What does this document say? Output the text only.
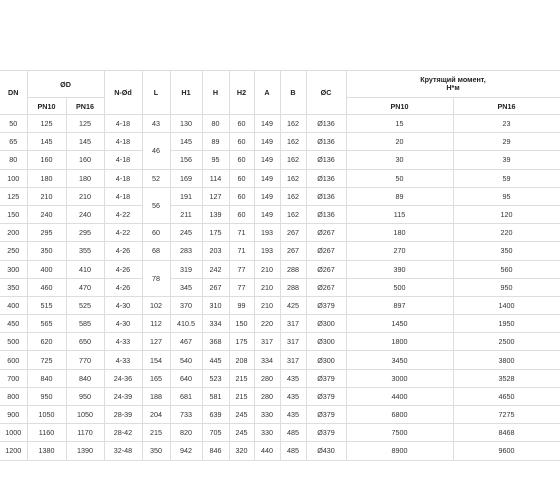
DN	ØD		N-Ød	L	H1	H	H2	A	B	ØC	Крутящий момент,
Н*м	
	PN10	PN16									PN10	PN16
50	125	125	4-18	43	130	80	60	149	162	Ø136	15	23
65	145	145	4-18	46	145	89	60	149	162	Ø136	20	29
80	160	160	4-18		156	95	60	149	162	Ø136	30	39
100	180	180	4-18	52	169	114	60	149	162	Ø136	50	59
125	210	210	4-18	56	191	127	60	149	162	Ø136	89	95
150	240	240	4-22		211	139	60	149	162	Ø136	115	120
200	295	295	4-22	60	245	175	71	193	267	Ø267	180	220
250	350	355	4-26	68	283	203	71	193	267	Ø267	270	350
300	400	410	4-26	78	319	242	77	210	288	Ø267	390	560
350	460	470	4-26		345	267	77	210	288	Ø267	500	950
400	515	525	4-30	102	370	310	99	210	425	Ø379	897	1400
450	565	585	4-30	112	410.5	334	150	220	317	Ø300	1450	1950
500	620	650	4-33	127	467	368	175	317	317	Ø300	1800	2500
600	725	770	4-33	154	540	445	208	334	317	Ø300	3450	3800
700	840	840	24-36	165	640	523	215	280	435	Ø379	3000	3528
800	950	950	24-39	188	681	581	215	280	435	Ø379	4400	4650
900	1050	1050	28-39	204	733	639	245	330	435	Ø379	6800	7275
1000	1160	1170	28-42	215	820	705	245	330	485	Ø379	7500	8468
1200	1380	1390	32-48	350	942	846	320	440	485	Ø430	8900	9600
